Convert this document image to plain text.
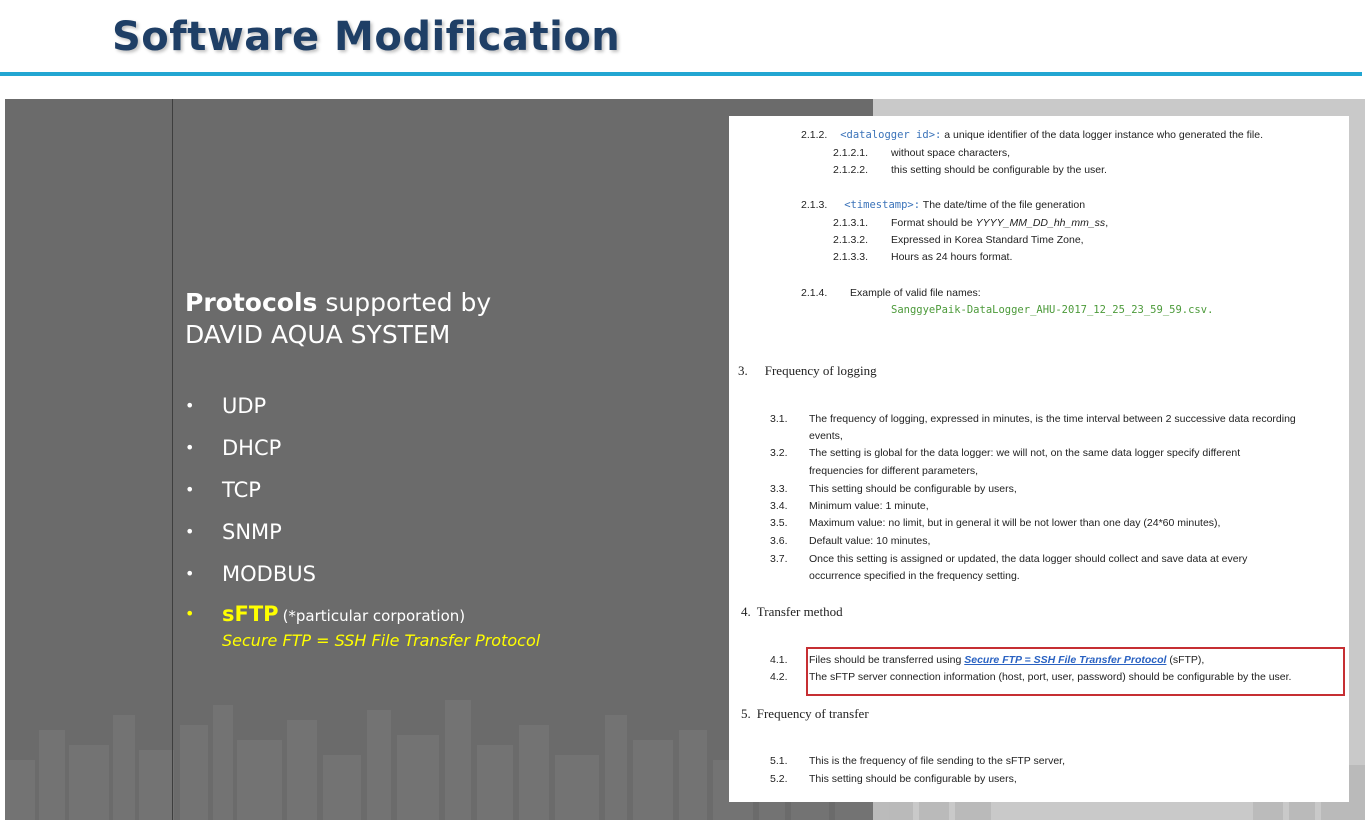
Software Modification
Protocols supported by
DAVID AQUA SYSTEM
• UDP
• DHCP
• TCP
• SNMP
• MODBUS
• sFTP (*particular corporation)
Secure FTP = SSH File Transfer Protocol
2.1.2. <datalogger id>: a unique identifier of the data logger instance who generated the file.
2.1.2.1. without space characters,
2.1.2.2. this setting should be configurable by the user.
2.1.3. <timestamp>: The date/time of the file generation
2.1.3.1. Format should be YYYY_MM_DD_hh_mm_ss,
2.1.3.2. Expressed in Korea Standard Time Zone,
2.1.3.3. Hours as 24 hours format.
2.1.4. Example of valid file names:
SanggyePaik-DataLogger_AHU-2017_12_25_23_59_59.csv.
3. Frequency of logging
3.1. The frequency of logging, expressed in minutes, is the time interval between 2 successive data recording
events,
3.2. The setting is global for the data logger: we will not, on the same data logger specify different
frequencies for different parameters,
3.3. This setting should be configurable by users,
3.4. Minimum value: 1 minute,
3.5. Maximum value: no limit, but in general it will be not lower than one day (24*60 minutes),
3.6. Default value: 10 minutes,
3.7. Once this setting is assigned or updated, the data logger should collect and save data at every
occurrence specified in the frequency setting.
4. Transfer method
4.1. Files should be transferred using Secure FTP = SSH File Transfer Protocol (sFTP),
4.2. The sFTP server connection information (host, port, user, password) should be configurable by the user.
5. Frequency of transfer
5.1. This is the frequency of file sending to the sFTP server,
5.2. This setting should be configurable by users,
